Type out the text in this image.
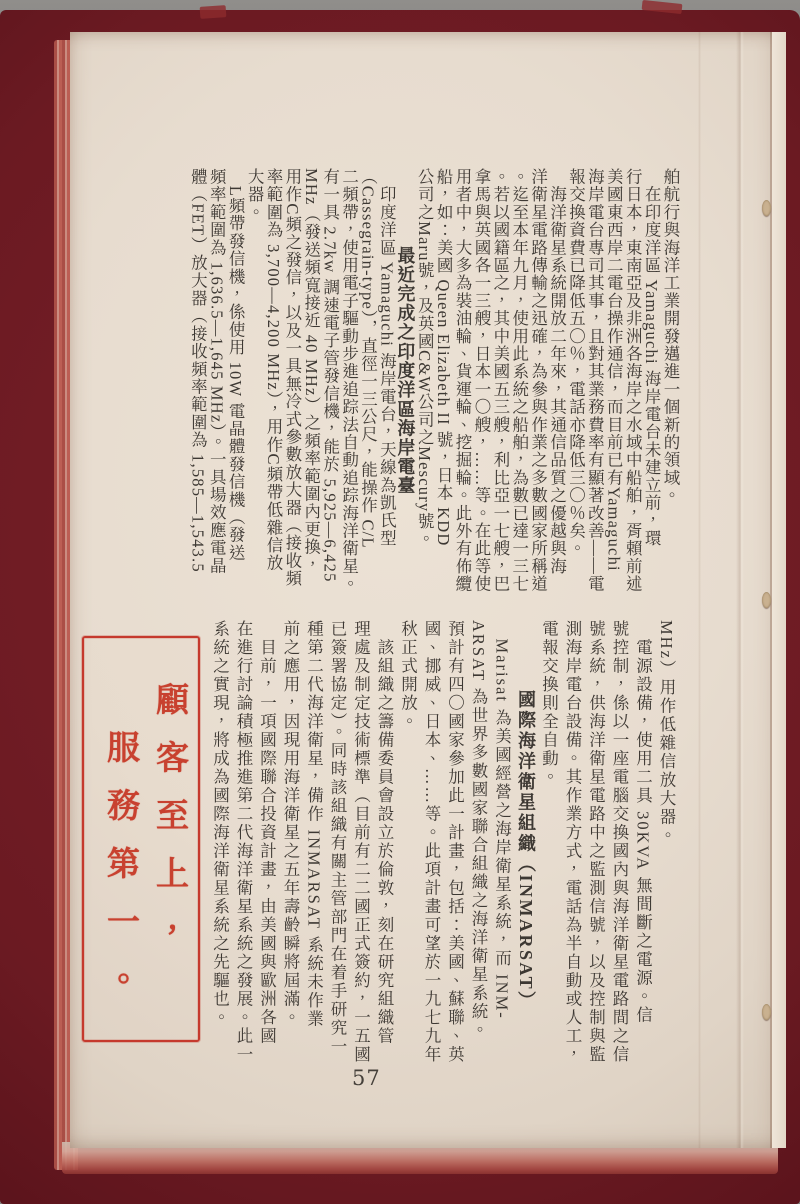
舶航行與海洋工業開發邁進一個新的領域。
　在印度洋區 Yamaguchi 海岸電台未建立前，環
行日本，東南亞及非洲各海岸之水域中船舶，胥賴前述
美國東西岸二電台操作通信，而目前已有Yamaguchi
海岸電台專司其事，且對其業務費率有顯著改善——電
報交換資費已降低五〇％，電話亦降低三〇％矣。
　海洋衛星系統開放二年來，其通信品質之優越與海
洋衛星電路傳輸之迅確，為參與作業之多數國家所稱道
。迄至本年九月，使用此系統之船舶，為數已達一三七
。若以國籍區之，其中美國五三艘，利比亞一七艘，巴
拿馬與英國各一三艘，日本一〇艘，……等。在此等使
用者中，大多為裝油輪、貨運輪、挖掘輪。此外有佈纜
船，如：美國 Queen Elizabeth II 號，日本 KDD
公司之Maru號，及英國C&W公司之Mescury號。
最近完成之印度洋區海岸電臺
　印度洋區 Yamaguchi 海岸電台，天線為凱氏型
（Cassegrain-type），直徑一三公尺，能操作 C/L
二頻帶，使用電子驅動步進追踪法自動追踪海洋衛星。
有一具 2.7kw 調速電子管發信機，能於 5,925—6,425
MHz（發送頻寬接近 40 MHz）之頻率範圍內更換，
用作C頻之發信，以及一具無冷式參數放大器（接收頻
率範圍為 3,700—4,200 MHz），用作C頻帶低雜信放
大器。
　L頻帶發信機，係使用 10W 電晶體發信機（發送
頻率範圍為 1,636.5—1,645 MHz）。一具場效應電晶
體（FET）放大器（接收頻率範圍為 1,585—1,543.5
MHz）用作低雜信放大器。
　電源設備，使用二具 30KVA 無間斷之電源。信
號控制，係以一座電腦交換國內與海洋衛星電路間之信
號系統，供海洋衛星電路中之監測信號，以及控制與監
測海岸電台設備。其作業方式，電話為半自動或人工，
電報交換則全自動。
國際海洋衛星組織（INMARSAT）
　Marisat 為美國經營之海岸衛星系統，而 INM-
ARSAT 為世界多數國家聯合組織之海洋衛星系統。
預計有四〇國家參加此一計畫，包括：美國、蘇聯、英
國、挪威、日本、……等。此項計畫可望於一九七九年
秋正式開放。
　該組織之籌備委員會設立於倫敦，刻在研究組織管
理處及制定技術標準（目前有二二國正式簽約，一五國
已簽署協定）。同時該組織有關主管部門在着手研究一
種第二代海洋衛星，備作 INMARSAT 系統未作業
前之應用，因現用海洋衛星之五年壽齡瞬將屆滿。
　目前，一項國際聯合投資計畫，由美國與歐洲各國
在進行討論積極推進第二代海洋衛星系統之發展。此一
系統之實現，將成為國際海洋衛星系統之先驅也。
顧客至上，
服務第一。
57
